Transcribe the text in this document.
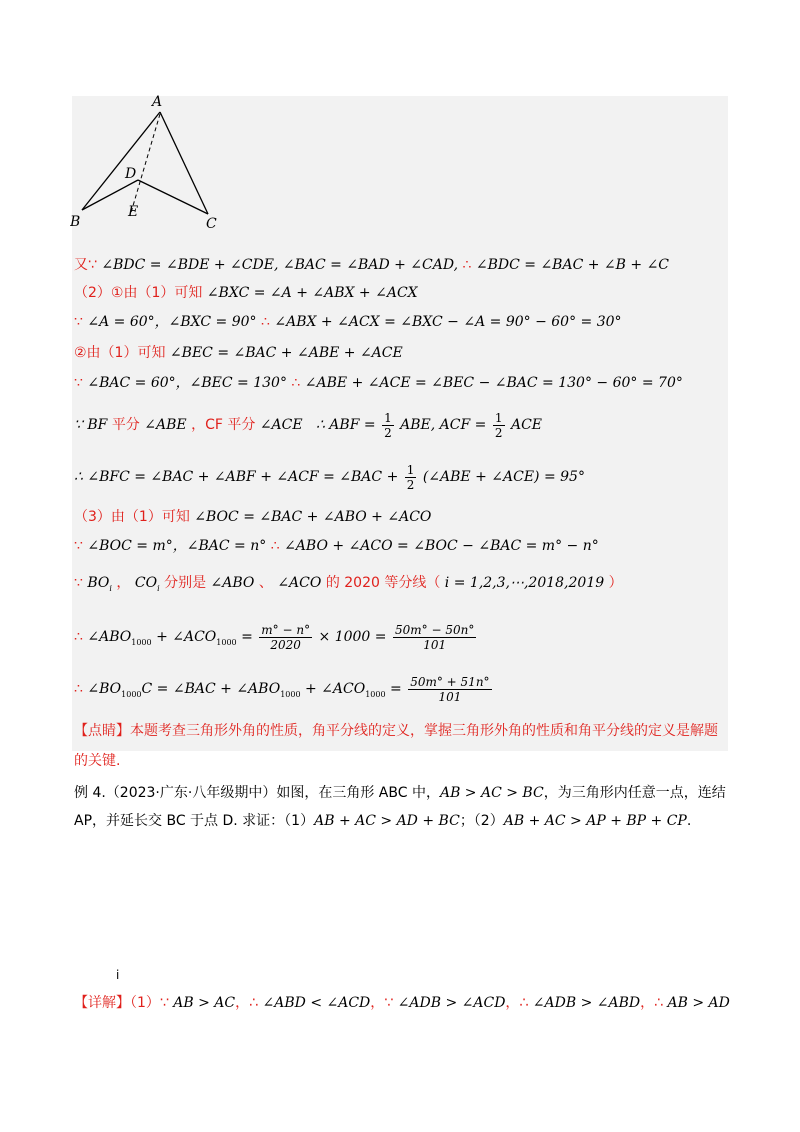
A
B	C
D
E
又∵ ∠BDC = ∠BDE + ∠CDE, ∠BAC = ∠BAD + ∠CAD, ∴ ∠BDC = ∠BAC + ∠B + ∠C
（2）①由（1）可知 ∠BXC = ∠A + ∠ABX + ∠ACX
∵ ∠A = 60°，∠BXC = 90° ∴ ∠ABX + ∠ACX = ∠BXC − ∠A = 90° − 60° = 30°
②由（1）可知 ∠BEC = ∠BAC + ∠ABE + ∠ACE
∵ ∠BAC = 60°，∠BEC = 130° ∴ ∠ABE + ∠ACE = ∠BEC − ∠BAC = 130° − 60° = 70°
∵ BF 平分 ∠ABE ，CF 平分 ∠ACE ∴ ABF = $\frac{1}{2}$ ABE, ACF = $\frac{1}{2}$ ACE
∴ ∠BFC = ∠BAC + ∠ABF + ∠ACF = ∠BAC + $\frac{1}{2}$ (∠ABE + ∠ACE) = 95°
（3）由（1）可知 ∠BOC = ∠BAC + ∠ABO + ∠ACO
∵ ∠BOC = m°，∠BAC = n° ∴ ∠ABO + ∠ACO = ∠BOC − ∠BAC = m° − n°
∵ $BO_i$ ， $CO_i$ 分别是 ∠ABO 、 ∠ACO 的 2020 等分线（ i = 1,2,3,⋯,2018,2019 ）
∴ $\angle ABO_{1000}$ + $\angle ACO_{1000} = \frac{m^\circ - n^\circ}{2020} \times 1000 = \frac{50m^\circ - 50n^\circ}{101}$
∴ $\angle BO_{1000}C$ = ∠BAC + $\angle ABO_{1000}$ + $\angle ACO_{1000} = \frac{50m^\circ + 51n^\circ}{101}$
【点睛】本题考查三角形外角的性质，角平分线的定义，掌握三角形外角的性质和角平分线的定义是解题
的关键.
例 4.（2023·广东·八年级期中）如图，在三角形 ABC 中，AB > AC > BC，为三角形内任意一点，连结
AP，并延长交 BC 于点 D. 求证：（1）AB + AC > AD + BC；（2）AB + AC > AP + BP + CP.
i
【详解】（1）∵ AB > AC，∴ ∠ABD < ∠ACD，∵ ∠ADB > ∠ACD，∴ ∠ADB > ∠ABD，∴ AB > AD
